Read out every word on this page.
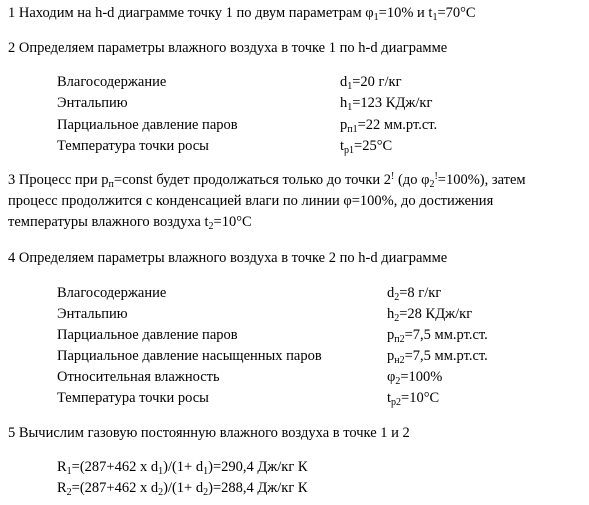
1 Находим на h-d диаграмме точку 1 по двум параметрам $\varphi_1=10\%$ и $t_1=70^\circ C$
2 Определяем параметры влажного воздуха в точке 1 по h-d диаграмме
Влагосодержание	$d_1=20$ г/кг
Энтальпию	$h_1=123$ КДж/кг
Парциальное давление паров	$p_{п1}=22$ мм.рт.ст.
Температура точки росы	$t_{р1}=25^\circ C$
3 Процесс при $p_п=const$ будет продолжаться только до точки 2! (до $\varphi_2^!=100\%$), затем
процесс продолжится с конденсацией влаги по линии φ=100%, до достижения
температуры влажного воздуха $t_2=10^\circ C$
4 Определяем параметры влажного воздуха в точке 2 по h-d диаграмме
Влагосодержание	$d_2=8$ г/кг
Энтальпию	$h_2=28$ КДж/кг
Парциальное давление паров	$p_{п2}=7,5$ мм.рт.ст.
Парциальное давление насыщенных паров	$p_{н2}=7,5$ мм.рт.ст.
Относительная влажность	$\varphi_2=100\%$
Температура точки росы	$t_{р2}=10^\circ C$
5 Вычислим газовую постоянную влажного воздуха в точке 1 и 2
$R_1=(287+462$ x $d_1)/(1+ d_1)=290,4$ Дж/кг К
$R_2=(287+462$ x $d_2)/(1+ d_2)=288,4$ Дж/кг К
